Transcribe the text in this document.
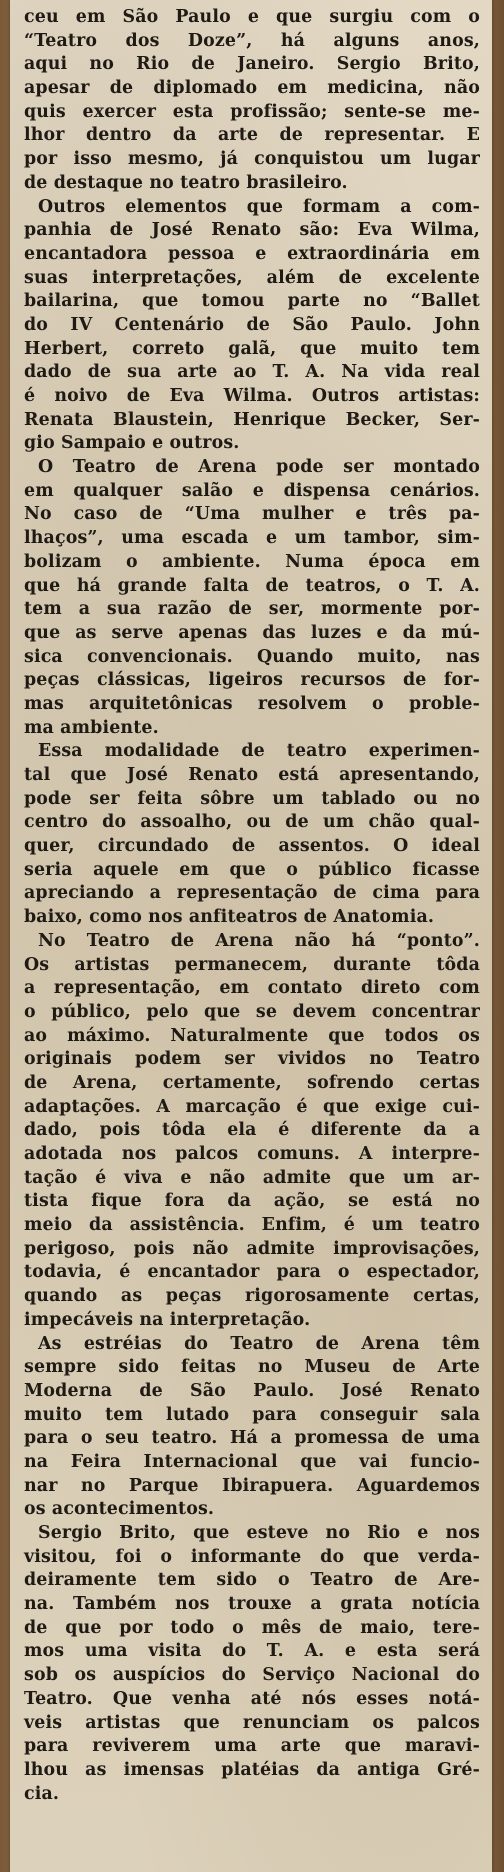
ceu em São Paulo e que surgiu com o
“Teatro dos Doze”, há alguns anos,
aqui no Rio de Janeiro. Sergio Brito,
apesar de diplomado em medicina, não
quis exercer esta profissão; sente-se me-
lhor dentro da arte de representar. E
por isso mesmo, já conquistou um lugar
de destaque no teatro brasileiro.
Outros elementos que formam a com-
panhia de José Renato são: Eva Wilma,
encantadora pessoa e extraordinária em
suas interpretações, além de excelente
bailarina, que tomou parte no “Ballet
do IV Centenário de São Paulo. John
Herbert, correto galã, que muito tem
dado de sua arte ao T. A. Na vida real
é noivo de Eva Wilma. Outros artistas:
Renata Blaustein, Henrique Becker, Ser-
gio Sampaio e outros.
O Teatro de Arena pode ser montado
em qualquer salão e dispensa cenários.
No caso de “Uma mulher e três pa-
lhaços”, uma escada e um tambor, sim-
bolizam o ambiente. Numa época em
que há grande falta de teatros, o T. A.
tem a sua razão de ser, mormente por-
que as serve apenas das luzes e da mú-
sica convencionais. Quando muito, nas
peças clássicas, ligeiros recursos de for-
mas arquitetônicas resolvem o proble-
ma ambiente.
Essa modalidade de teatro experimen-
tal que José Renato está apresentando,
pode ser feita sôbre um tablado ou no
centro do assoalho, ou de um chão qual-
quer, circundado de assentos. O ideal
seria aquele em que o público ficasse
apreciando a representação de cima para
baixo, como nos anfiteatros de Anatomia.
No Teatro de Arena não há “ponto”.
Os artistas permanecem, durante tôda
a representação, em contato direto com
o público, pelo que se devem concentrar
ao máximo. Naturalmente que todos os
originais podem ser vividos no Teatro
de Arena, certamente, sofrendo certas
adaptações. A marcação é que exige cui-
dado, pois tôda ela é diferente da a
adotada nos palcos comuns. A interpre-
tação é viva e não admite que um ar-
tista fique fora da ação, se está no
meio da assistência. Enfim, é um teatro
perigoso, pois não admite improvisações,
todavia, é encantador para o espectador,
quando as peças rigorosamente certas,
impecáveis na interpretação.
As estréias do Teatro de Arena têm
sempre sido feitas no Museu de Arte
Moderna de São Paulo. José Renato
muito tem lutado para conseguir sala
para o seu teatro. Há a promessa de uma
na Feira Internacional que vai funcio-
nar no Parque Ibirapuera. Aguardemos
os acontecimentos.
Sergio Brito, que esteve no Rio e nos
visitou, foi o informante do que verda-
deiramente tem sido o Teatro de Are-
na. Também nos trouxe a grata notícia
de que por todo o mês de maio, tere-
mos uma visita do T. A. e esta será
sob os auspícios do Serviço Nacional do
Teatro. Que venha até nós esses notá-
veis artistas que renunciam os palcos
para reviverem uma arte que maravi-
lhou as imensas platéias da antiga Gré-
cia.
